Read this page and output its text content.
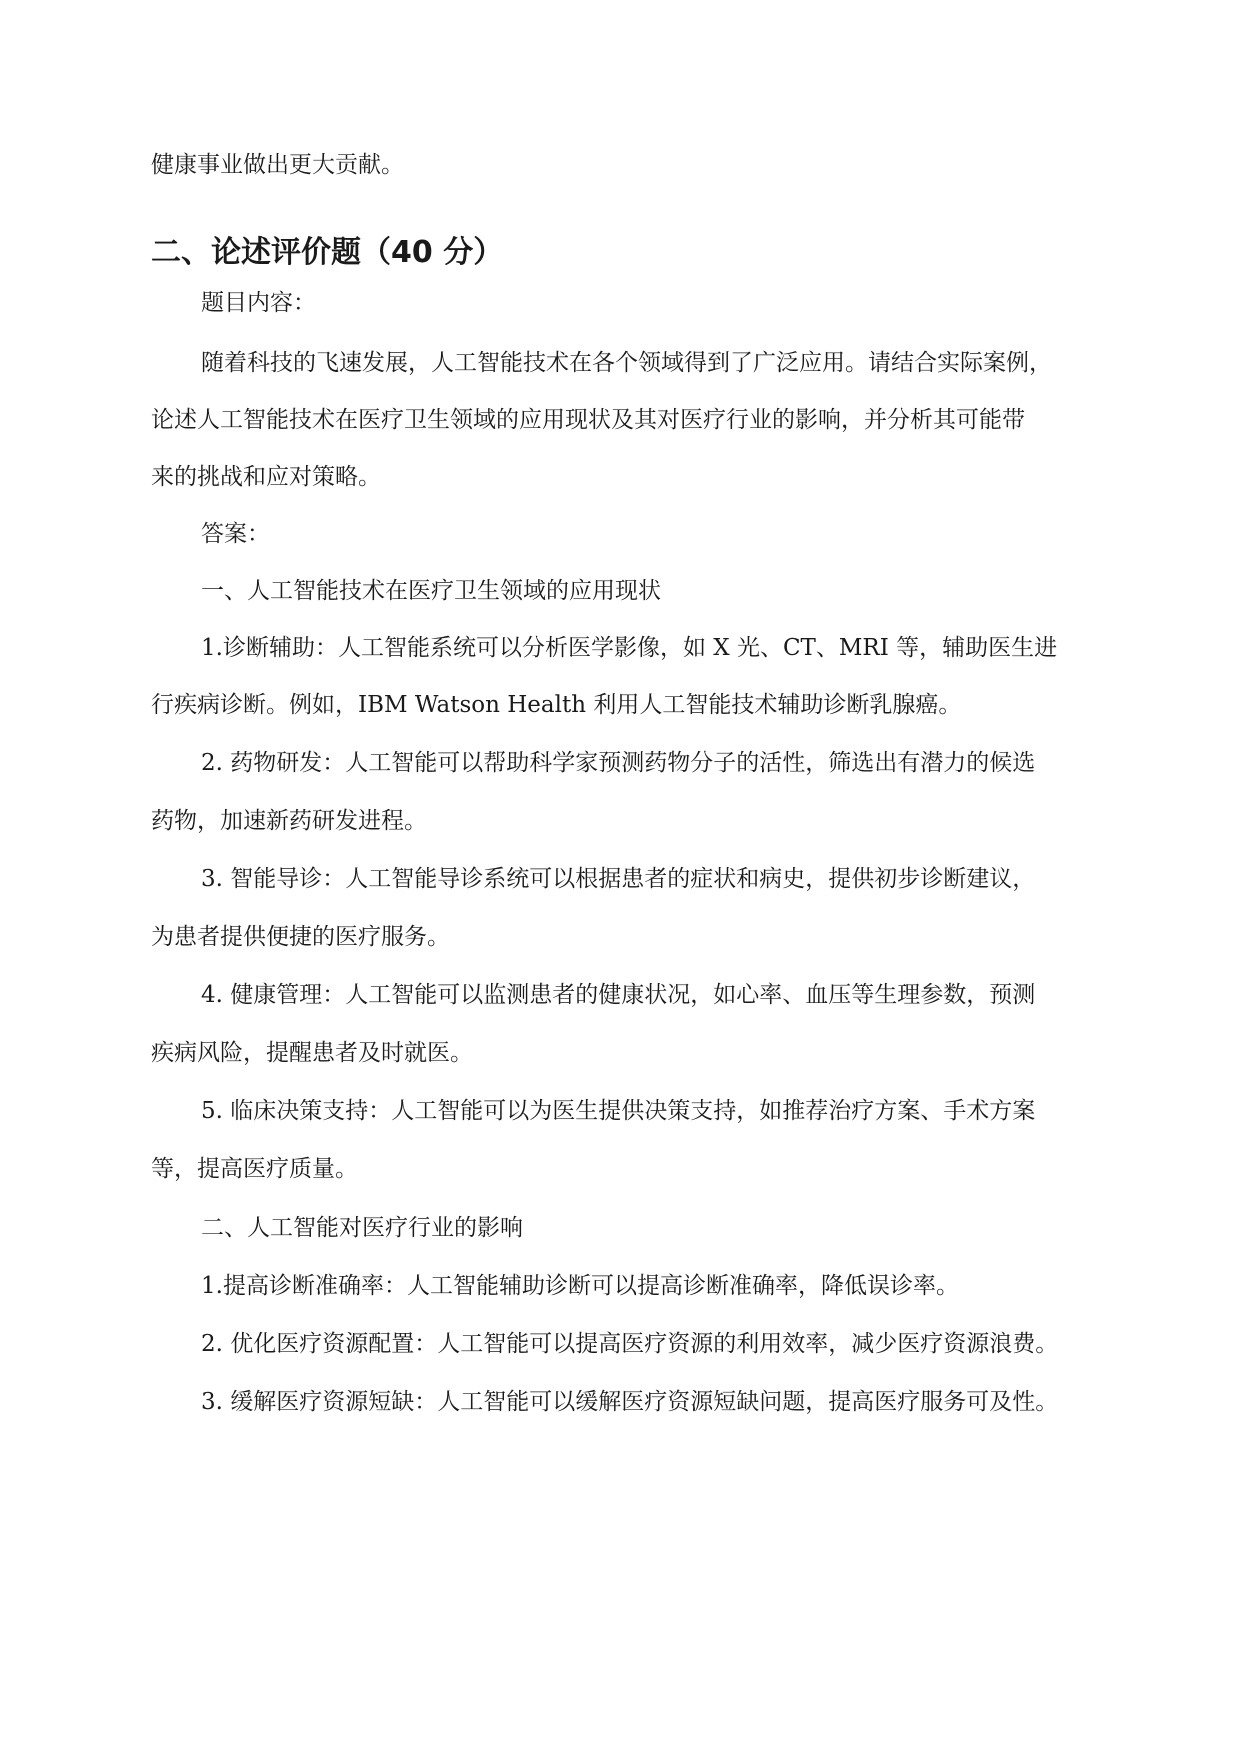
健康事业做出更大贡献。
二、论述评价题（40 分）
题目内容：
随着科技的飞速发展，人工智能技术在各个领域得到了广泛应用。请结合实际案例，
论述人工智能技术在医疗卫生领域的应用现状及其对医疗行业的影响，并分析其可能带
来的挑战和应对策略。
答案：
一、人工智能技术在医疗卫生领域的应用现状
1.诊断辅助：人工智能系统可以分析医学影像，如 X 光、CT、MRI 等，辅助医生进
行疾病诊断。例如，IBM Watson Health 利用人工智能技术辅助诊断乳腺癌。
2. 药物研发：人工智能可以帮助科学家预测药物分子的活性，筛选出有潜力的候选
药物，加速新药研发进程。
3. 智能导诊：人工智能导诊系统可以根据患者的症状和病史，提供初步诊断建议，
为患者提供便捷的医疗服务。
4. 健康管理：人工智能可以监测患者的健康状况，如心率、血压等生理参数，预测
疾病风险，提醒患者及时就医。
5. 临床决策支持：人工智能可以为医生提供决策支持，如推荐治疗方案、手术方案
等，提高医疗质量。
二、人工智能对医疗行业的影响
1.提高诊断准确率：人工智能辅助诊断可以提高诊断准确率，降低误诊率。
2. 优化医疗资源配置：人工智能可以提高医疗资源的利用效率，减少医疗资源浪费。
3. 缓解医疗资源短缺：人工智能可以缓解医疗资源短缺问题，提高医疗服务可及性。
